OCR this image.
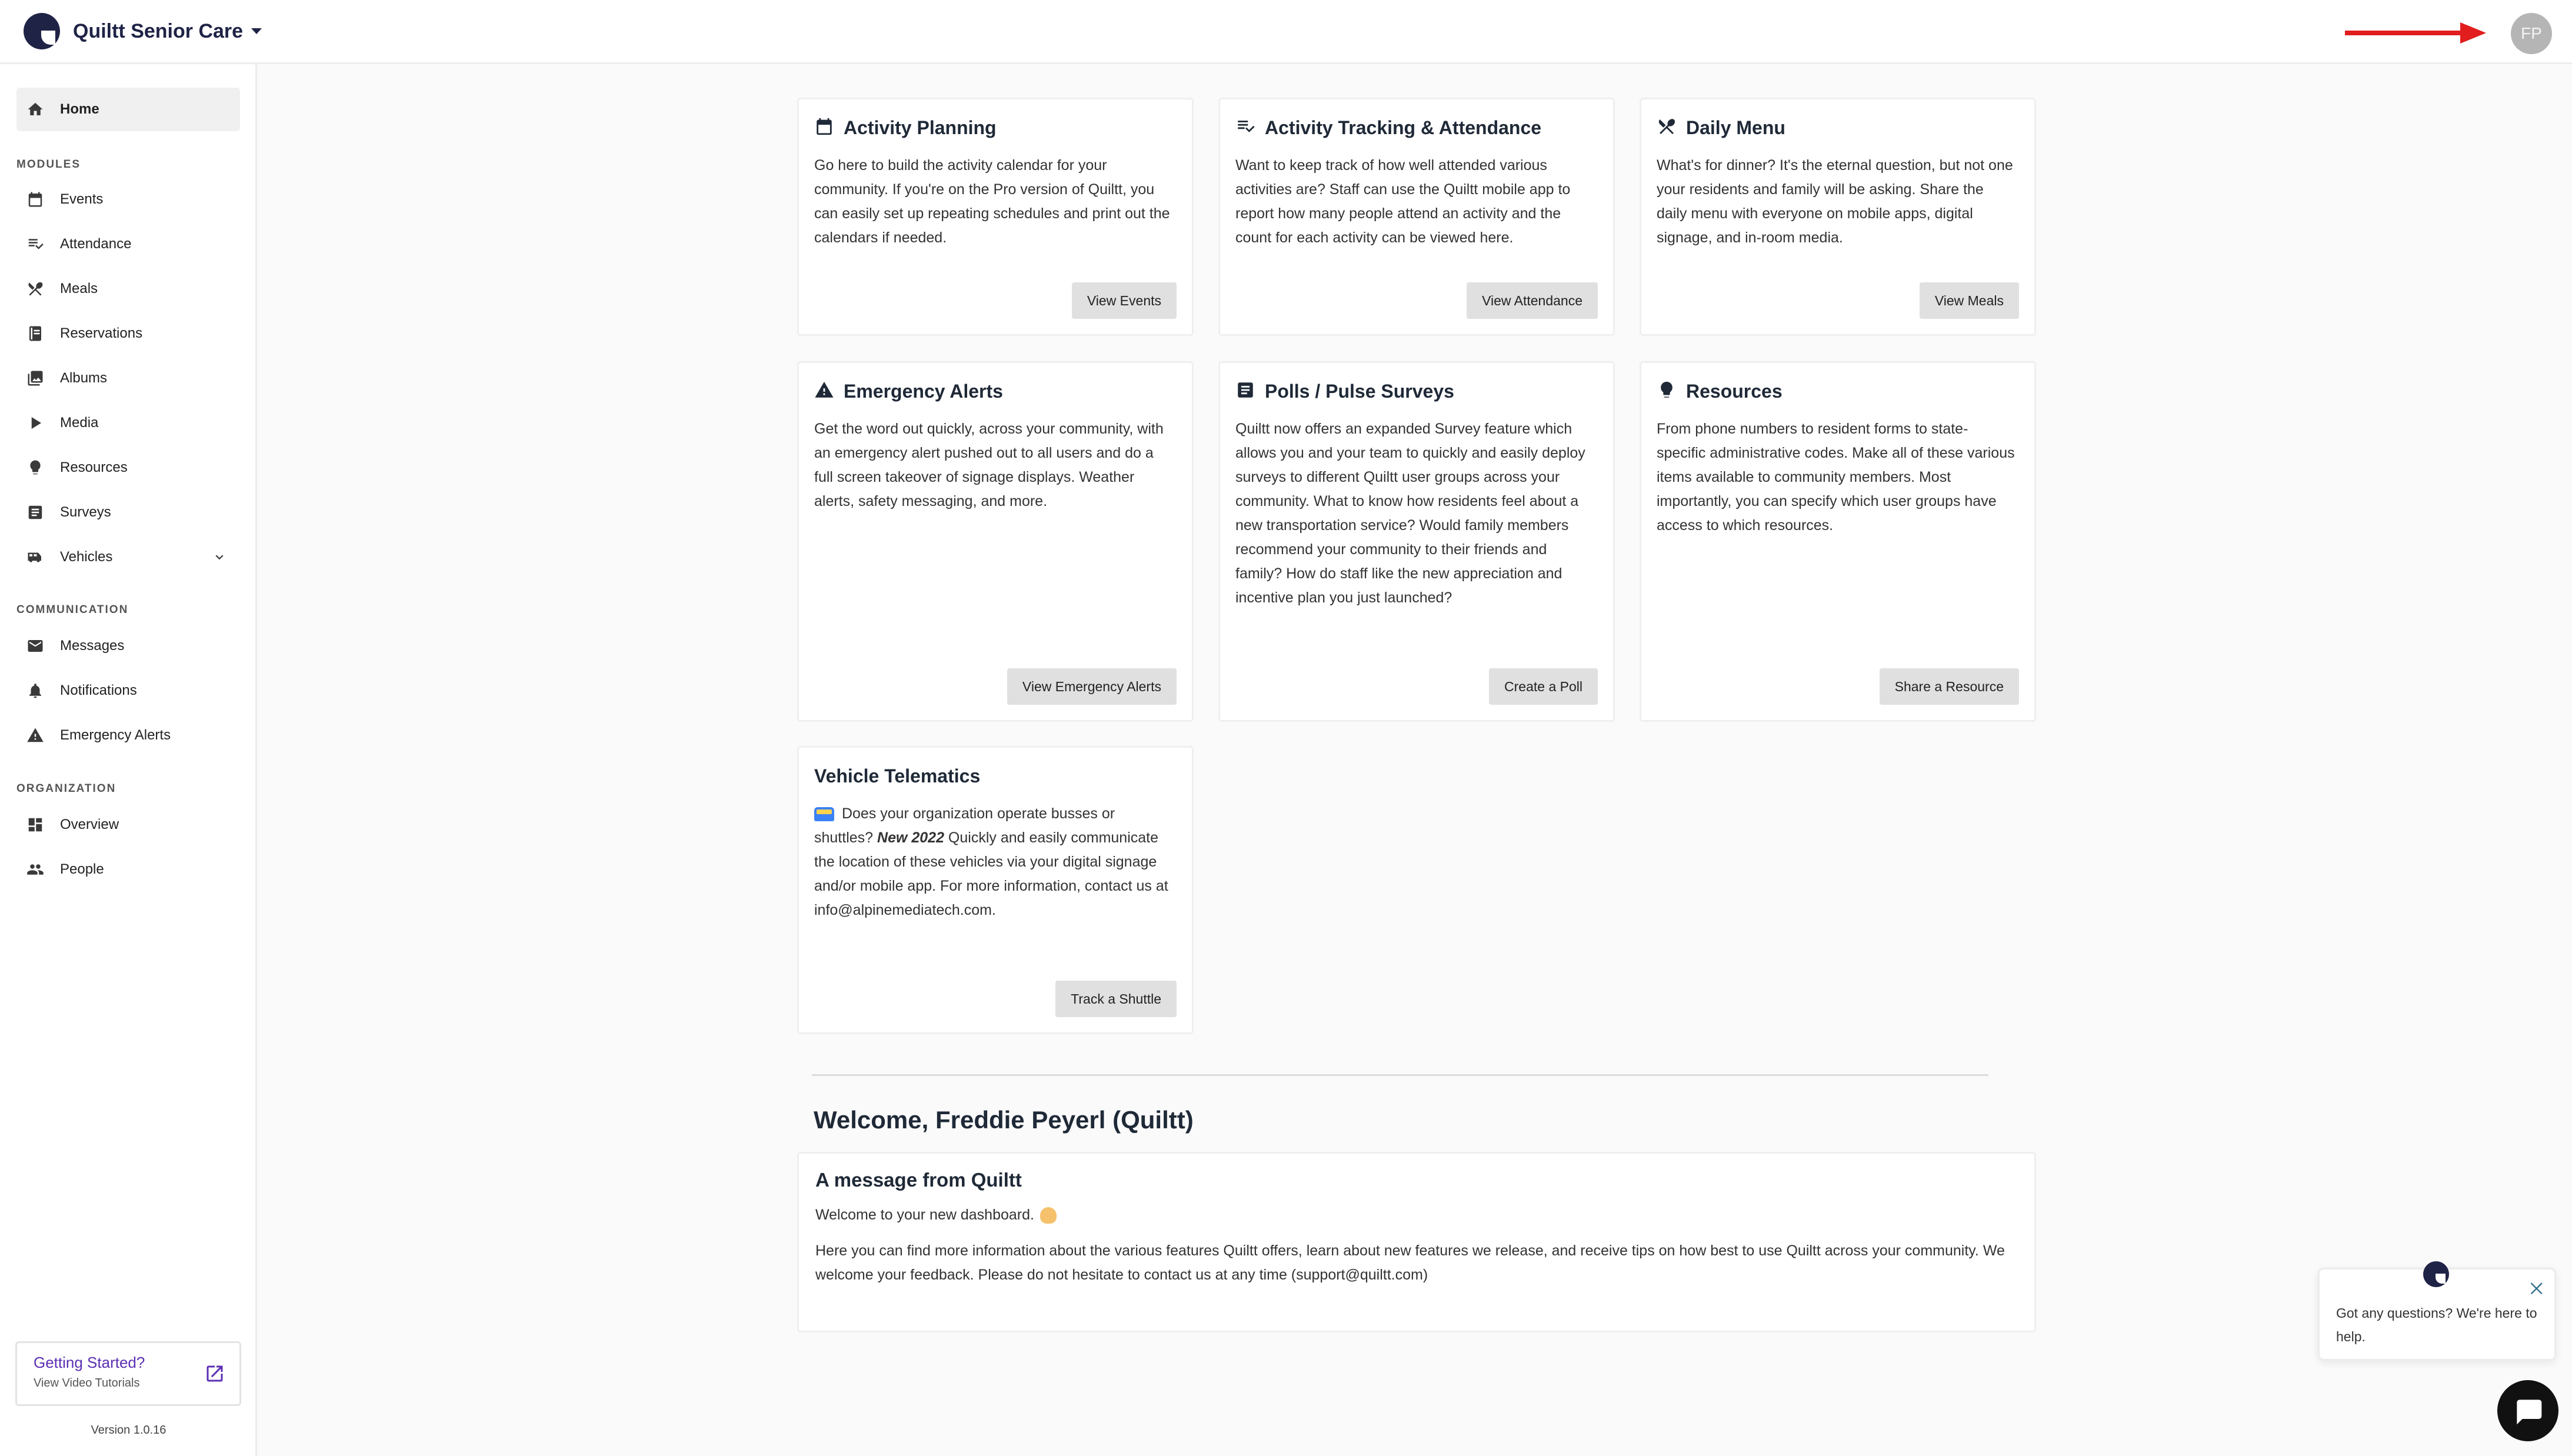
Quiltt Senior Care	FP
Home
MODULES
Events
Attendance
Meals
Reservations
Albums
Media
Resources
Surveys
Vehicles
COMMUNICATION
Messages
Notifications
Emergency Alerts
ORGANIZATION
Overview
People
Getting Started?
View Video Tutorials
Version 1.0.16
Activity Planning
Go here to build the activity calendar for your community. If you're on the Pro version of Quiltt, you can easily set up repeating schedules and print out the calendars if needed.
View Events
Activity Tracking & Attendance
Want to keep track of how well attended various activities are? Staff can use the Quiltt mobile app to report how many people attend an activity and the count for each activity can be viewed here.
View Attendance
Daily Menu
What's for dinner? It's the eternal question, but not one your residents and family will be asking. Share the daily menu with everyone on mobile apps, digital signage, and in-room media.
View Meals
Emergency Alerts
Get the word out quickly, across your community, with an emergency alert pushed out to all users and do a full screen takeover of signage displays. Weather alerts, safety messaging, and more.
View Emergency Alerts
Polls / Pulse Surveys
Quiltt now offers an expanded Survey feature which allows you and your team to quickly and easily deploy surveys to different Quiltt user groups across your community. What to know how residents feel about a new transportation service? Would family members recommend your community to their friends and family? How do staff like the new appreciation and incentive plan you just launched?
Create a Poll
Resources
From phone numbers to resident forms to state-specific administrative codes. Make all of these various items available to community members. Most importantly, you can specify which user groups have access to which resources.
Share a Resource
Vehicle Telematics
Does your organization operate busses or shuttles? New 2022 Quickly and easily communicate the location of these vehicles via your digital signage and/or mobile app. For more information, contact us at info@alpinemediatech.com.
Track a Shuttle
Welcome, Freddie Peyerl (Quiltt)
A message from Quiltt
Welcome to your new dashboard.
Here you can find more information about the various features Quiltt offers, learn about new features we release, and receive tips on how best to use Quiltt across your community. We welcome your feedback. Please do not hesitate to contact us at any time (support@quiltt.com)
Got any questions? We're here to help.
